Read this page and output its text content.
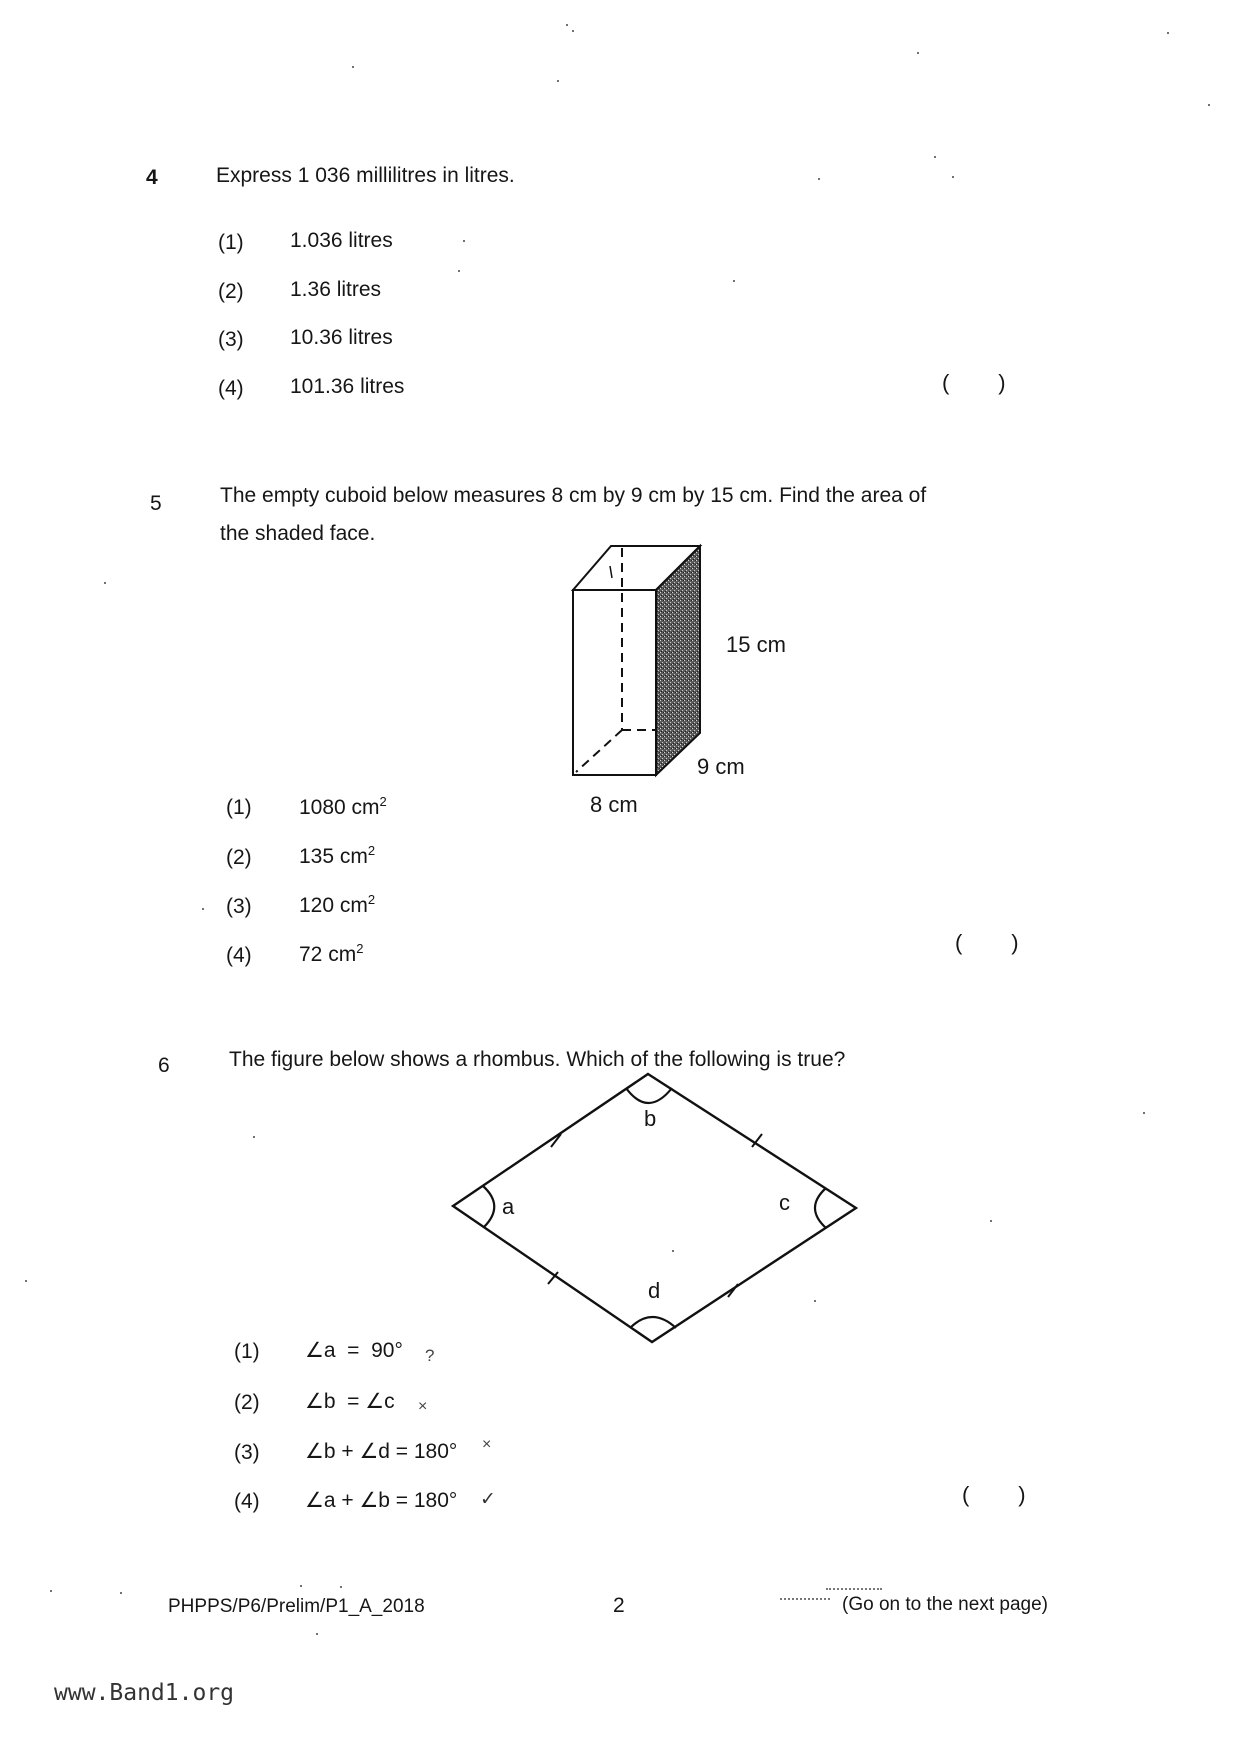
4	Express 1 036 millilitres in litres.
(1) 1.036 litres
(2) 1.36 litres
(3) 10.36 litres
(4) 101.36 litres	(        )
5	The empty cuboid below measures 8 cm by 9 cm by 15 cm. Find the area of
the shaded face.
15 cm
9 cm
8 cm
(1) 1080 $cm^2$
(2) 135 $cm^2$
(3) 120 $cm^2$
(4) 72 $cm^2$	(        )
6	The figure below shows a rhombus. Which of the following is true?
b
a	c
d
(1) ∠a  =  90° ?
(2) ∠b  = ∠c ×
(3) ∠b + ∠d = 180° ×
(4) ∠a + ∠b = 180° ✓	(        )
PHPPS/P6/Prelim/P1_A_2018	2	(Go on to the next page)
www.Band1.org
